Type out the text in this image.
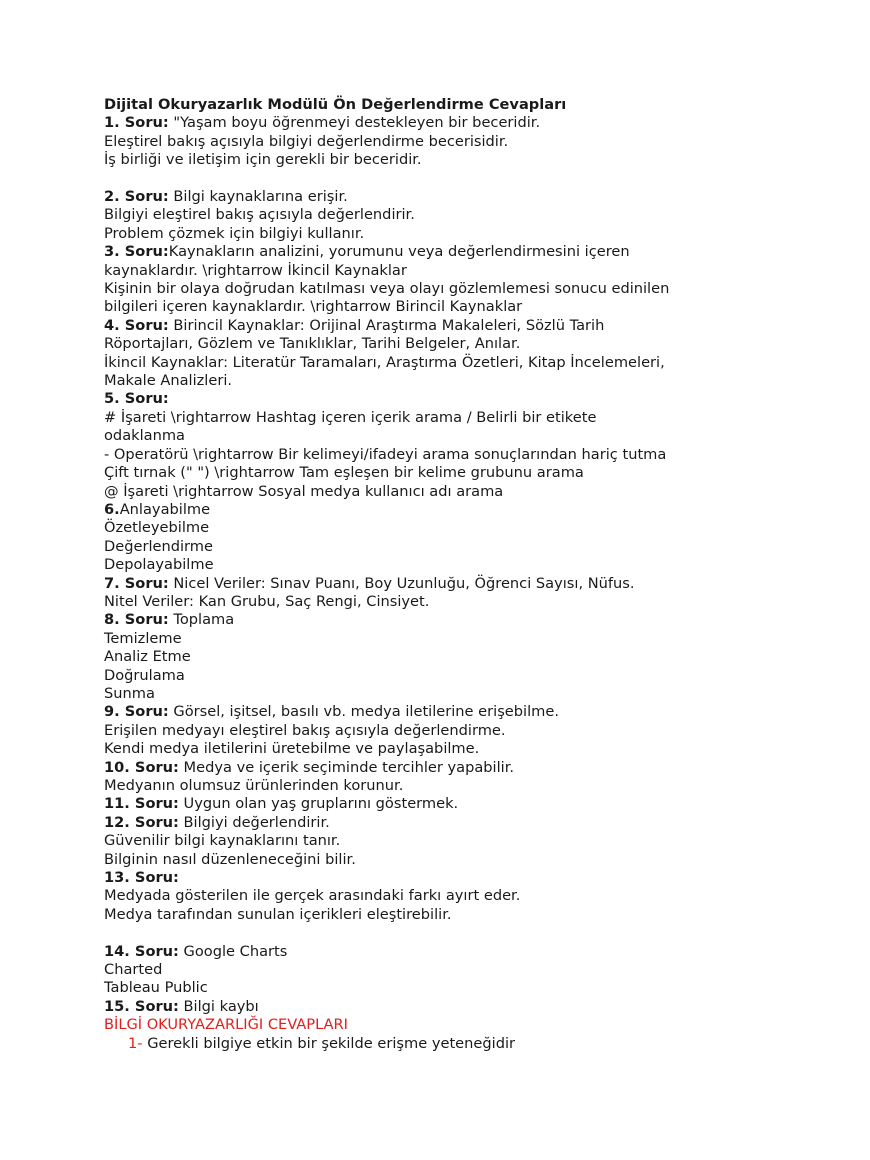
Dijital Okuryazarlık Modülü Ön Değerlendirme Cevapları
1. Soru: "Yaşam boyu öğrenmeyi destekleyen bir beceridir.
Eleştirel bakış açısıyla bilgiyi değerlendirme becerisidir.
İş birliği ve iletişim için gerekli bir beceridir.
2. Soru: Bilgi kaynaklarına erişir.
Bilgiyi eleştirel bakış açısıyla değerlendirir.
Problem çözmek için bilgiyi kullanır.
3. Soru:Kaynakların analizini, yorumunu veya değerlendirmesini içeren
kaynaklardır. \rightarrow İkincil Kaynaklar
Kişinin bir olaya doğrudan katılması veya olayı gözlemlemesi sonucu edinilen
bilgileri içeren kaynaklardır. \rightarrow Birincil Kaynaklar
4. Soru: Birincil Kaynaklar: Orijinal Araştırma Makaleleri, Sözlü Tarih
Röportajları, Gözlem ve Tanıklıklar, Tarihi Belgeler, Anılar.
İkincil Kaynaklar: Literatür Taramaları, Araştırma Özetleri, Kitap İncelemeleri,
Makale Analizleri.
5. Soru:
# İşareti \rightarrow Hashtag içeren içerik arama / Belirli bir etikete
odaklanma
- Operatörü \rightarrow Bir kelimeyi/ifadeyi arama sonuçlarından hariç tutma
Çift tırnak (" ") \rightarrow Tam eşleşen bir kelime grubunu arama
@ İşareti \rightarrow Sosyal medya kullanıcı adı arama
6.Anlayabilme
Özetleyebilme
Değerlendirme
Depolayabilme
7. Soru: Nicel Veriler: Sınav Puanı, Boy Uzunluğu, Öğrenci Sayısı, Nüfus.
Nitel Veriler: Kan Grubu, Saç Rengi, Cinsiyet.
8. Soru: Toplama
Temizleme
Analiz Etme
Doğrulama
Sunma
9. Soru: Görsel, işitsel, basılı vb. medya iletilerine erişebilme.
Erişilen medyayı eleştirel bakış açısıyla değerlendirme.
Kendi medya iletilerini üretebilme ve paylaşabilme.
10. Soru: Medya ve içerik seçiminde tercihler yapabilir.
Medyanın olumsuz ürünlerinden korunur.
11. Soru: Uygun olan yaş gruplarını göstermek.
12. Soru: Bilgiyi değerlendirir.
Güvenilir bilgi kaynaklarını tanır.
Bilginin nasıl düzenleneceğini bilir.
13. Soru:
Medyada gösterilen ile gerçek arasındaki farkı ayırt eder.
Medya tarafından sunulan içerikleri eleştirebilir.
14. Soru: Google Charts
Charted
Tableau Public
15. Soru: Bilgi kaybı
BİLGİ OKURYAZARLIĞI CEVAPLARI
1- Gerekli bilgiye etkin bir şekilde erişme yeteneğidir
